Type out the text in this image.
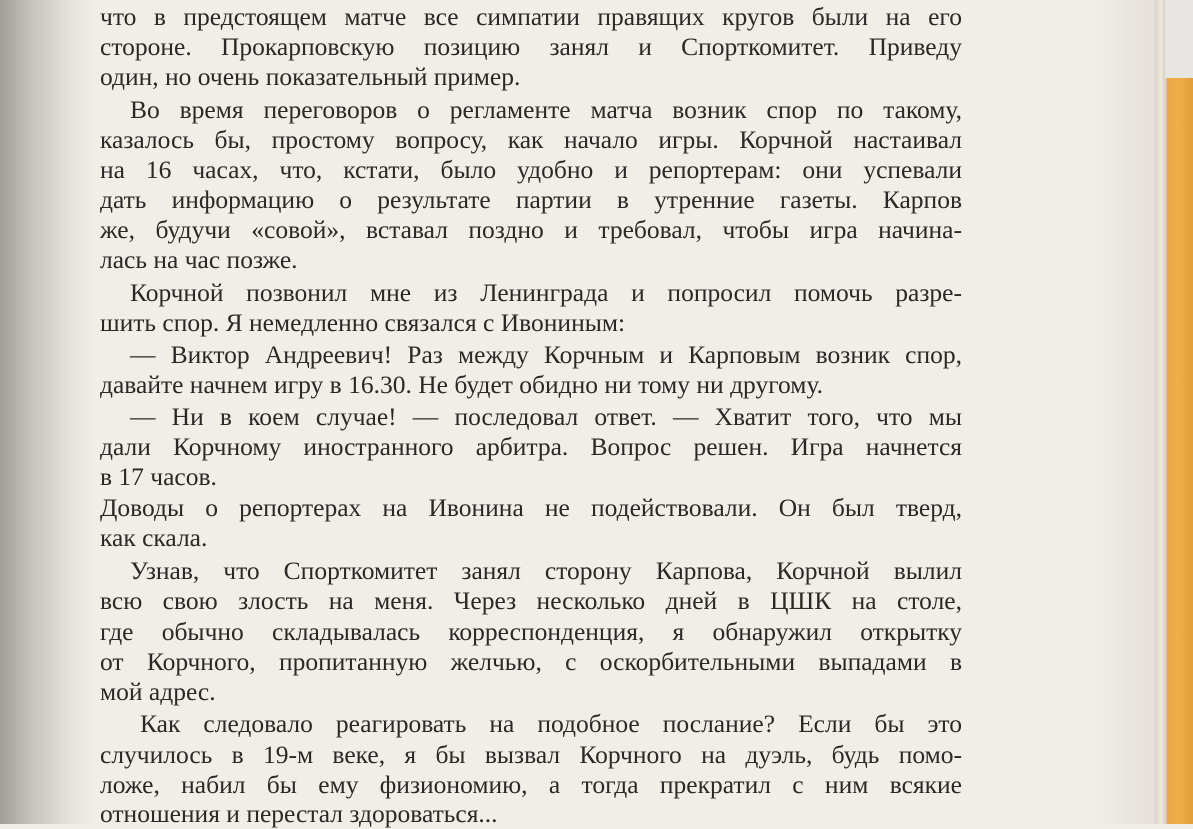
что в предстоящем матче все симпатии правящих кругов были на его
стороне. Прокарповскую позицию занял и Спорткомитет. Приведу
один, но очень показательный пример.
Во время переговоров о регламенте матча возник спор по такому,
казалось бы, простому вопросу, как начало игры. Корчной настаивал
на 16 часах, что, кстати, было удобно и репортерам: они успевали
дать информацию о результате партии в утренние газеты. Карпов
же, будучи «совой», вставал поздно и требовал, чтобы игра начина-
лась на час позже.
Корчной позвонил мне из Ленинграда и попросил помочь разре-
шить спор. Я немедленно связался с Ивониным:
— Виктор Андреевич! Раз между Корчным и Карповым возник спор,
давайте начнем игру в 16.30. Не будет обидно ни тому ни другому.
— Ни в коем случае! — последовал ответ. — Хватит того, что мы
дали Корчному иностранного арбитра. Вопрос решен. Игра начнется
в 17 часов.
Доводы о репортерах на Ивонина не подействовали. Он был тверд,
как скала.
Узнав, что Спорткомитет занял сторону Карпова, Корчной вылил
всю свою злость на меня. Через несколько дней в ЦШК на столе,
где обычно складывалась корреспонденция, я обнаружил открытку
от Корчного, пропитанную желчью, с оскорбительными выпадами в
мой адрес.
Как следовало реагировать на подобное послание? Если бы это
случилось в 19-м веке, я бы вызвал Корчного на дуэль, будь помо-
ложе, набил бы ему физиономию, а тогда прекратил с ним всякие
отношения и перестал здороваться...
